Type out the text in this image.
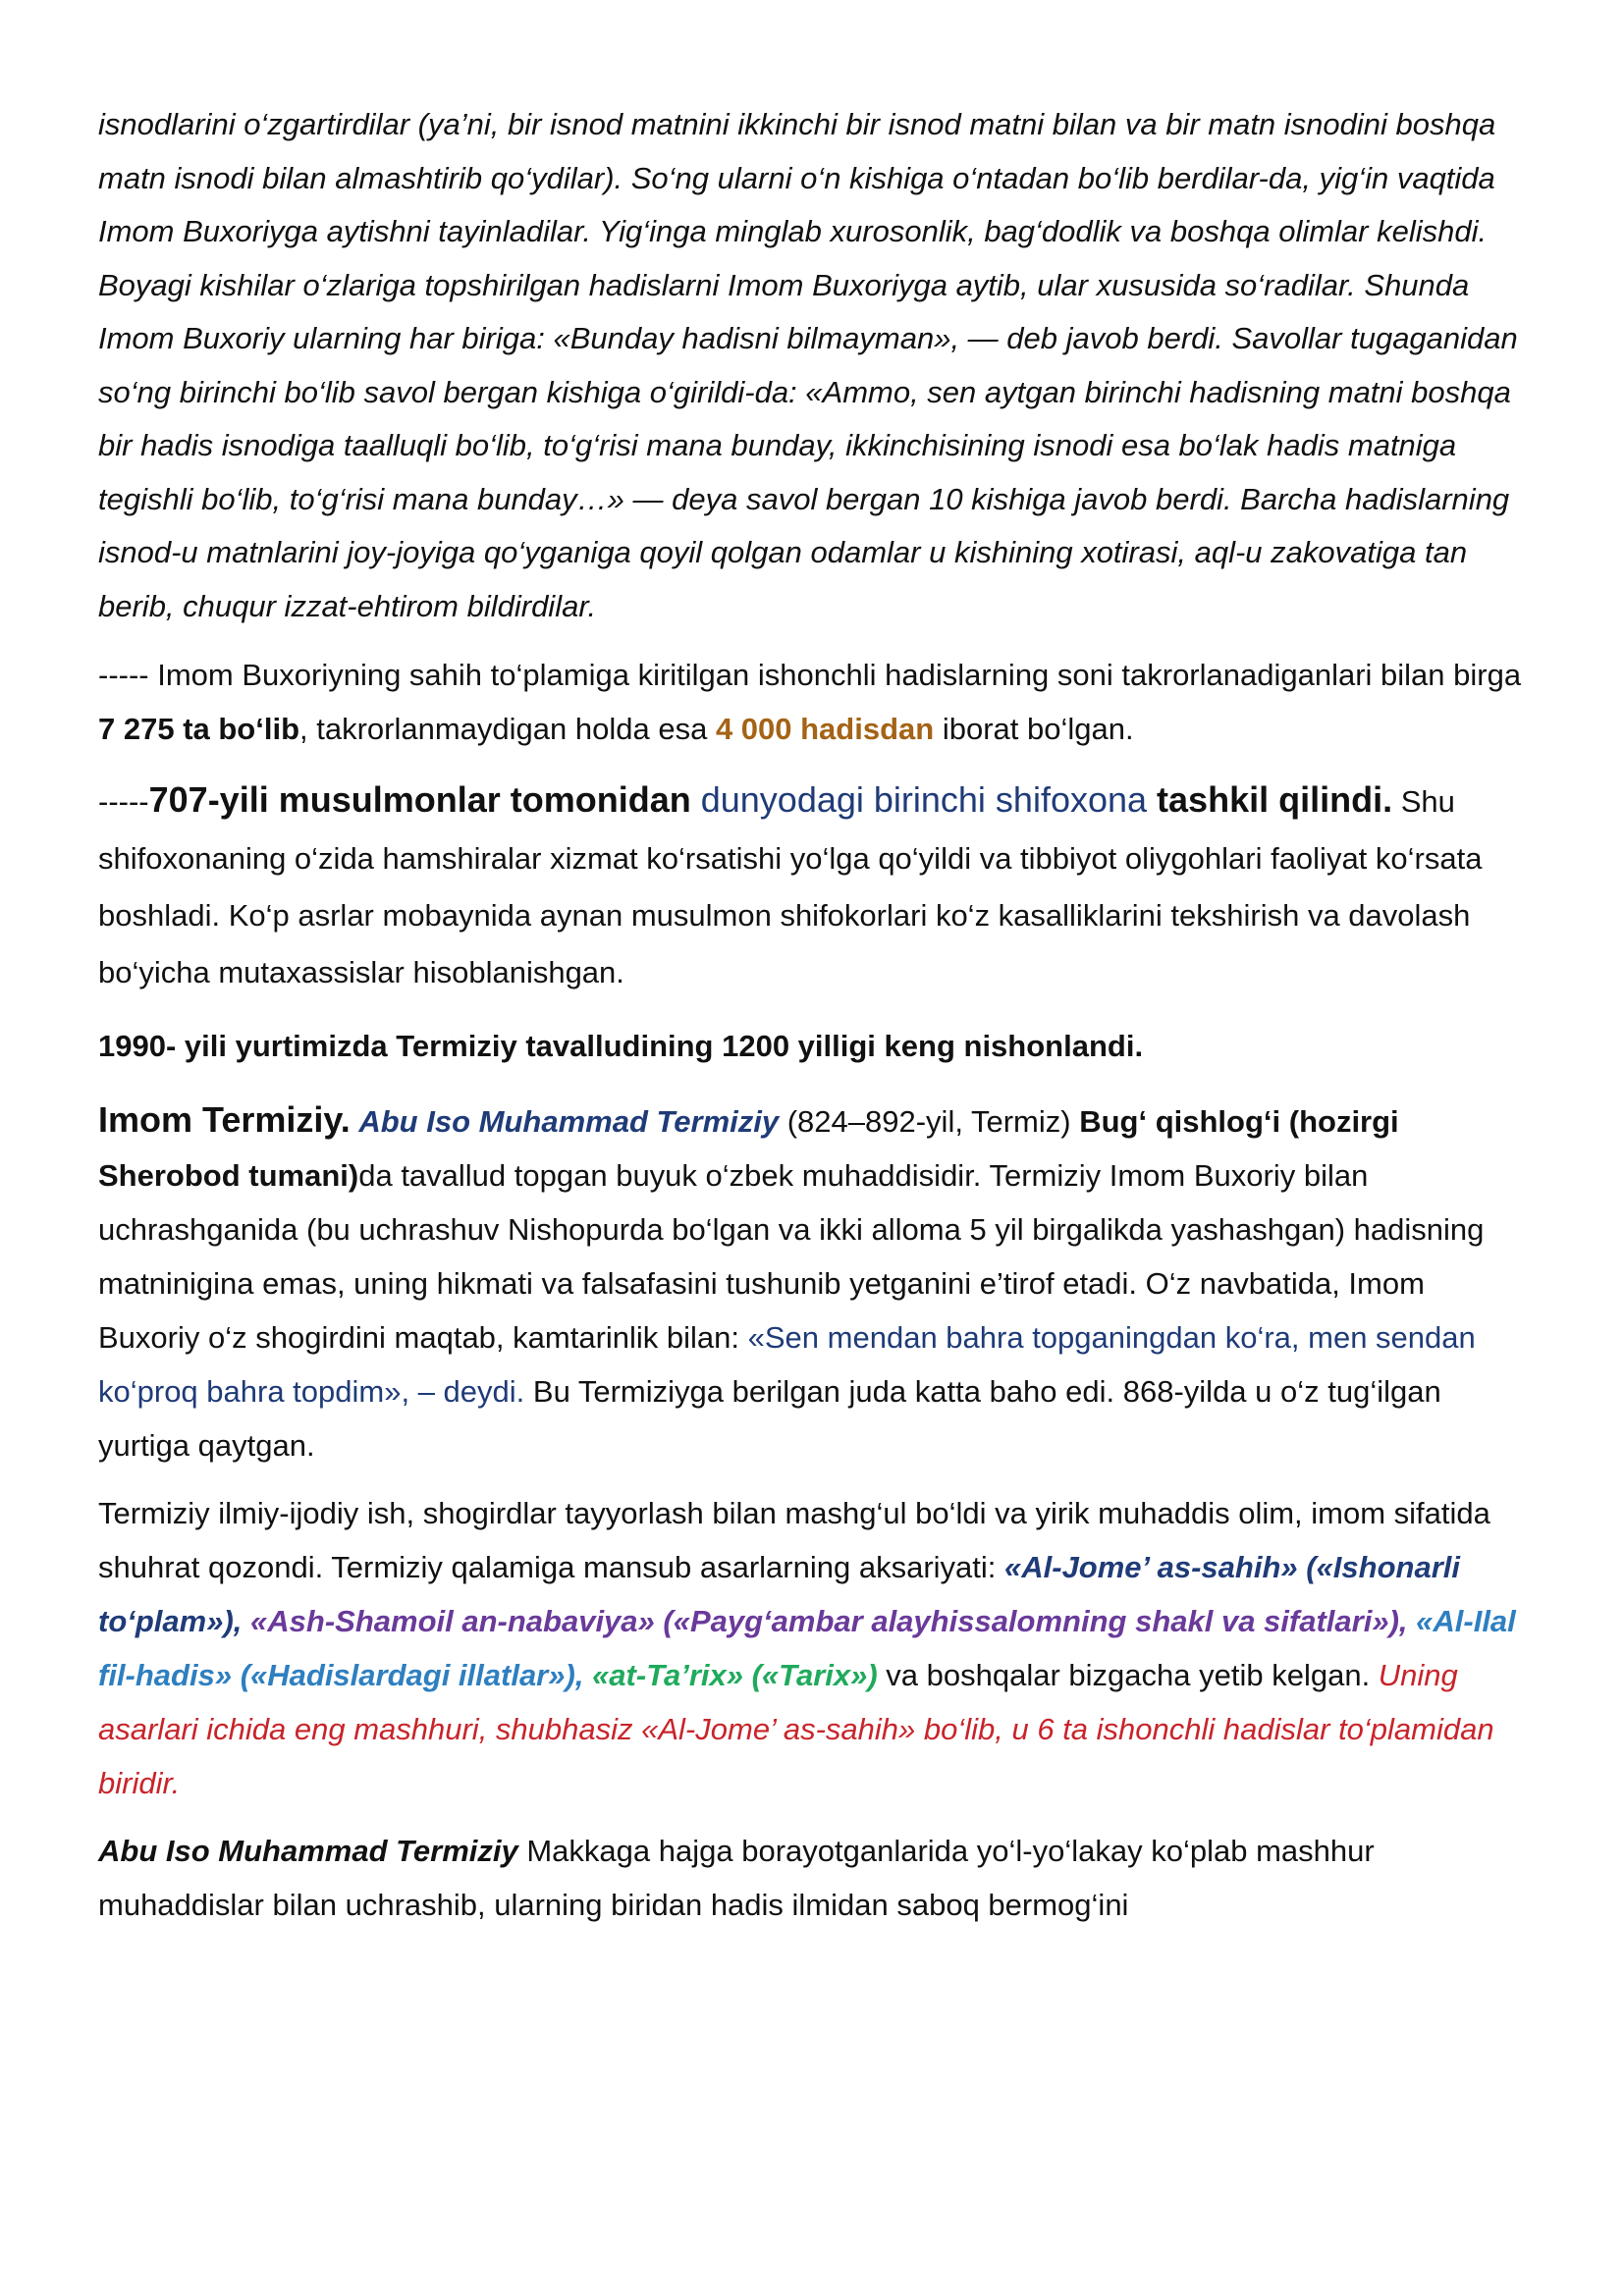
isnodlarini o‘zgartirdilar (ya’ni, bir isnod matnini ikkinchi bir isnod matni bilan va bir matn isnodini boshqa matn isnodi bilan almashtirib qo‘ydilar). So‘ng ularni o‘n kishiga o‘ntadan bo‘lib berdilar-da, yig‘in vaqtida Imom Buxoriyga aytishni tayinladilar. Yig‘inga minglab xurosonlik, bag‘dodlik va boshqa olimlar kelishdi. Boyagi kishilar o‘zlariga topshirilgan hadislarni Imom Buxoriyga aytib, ular xususida so‘radilar. Shunda Imom Buxoriy ularning har biriga: «Bunday hadisni bilmayman», — deb javob berdi. Savollar tugaganidan so‘ng birinchi bo‘lib savol bergan kishiga o‘girildi-da: «Ammo, sen aytgan birinchi hadisning matni boshqa bir hadis isnodiga taalluqli bo‘lib, to‘g‘risi mana bunday, ikkinchisining isnodi esa bo‘lak hadis matniga tegishli bo‘lib, to‘g‘risi mana bunday…» — deya savol bergan 10 kishiga javob berdi. Barcha hadislarning isnod-u matnlarini joy-joyiga qo‘yganiga qoyil qolgan odamlar u kishining xotirasi, aql-u zakovatiga tan berib, chuqur izzat-ehtirom bildirdilar.

----- Imom Buxoriyning sahih to‘plamiga kiritilgan ishonchli hadislarning soni takrorlanadiganlari bilan birga 7 275 ta bo‘lib, takrorlanmaydigan holda esa 4 000 hadisdan iborat bo‘lgan.

-----707-yili musulmonlar tomonidan dunyodagi birinchi shifoxona tashkil qilindi. Shu shifoxonaning o‘zida hamshiralar xizmat ko‘rsatishi yo‘lga qo‘yildi va tibbiyot oliygohlari faoliyat ko‘rsata boshladi. Ko‘p asrlar mobaynida aynan musulmon shifokorlari ko‘z kasalliklarini tekshirish va davolash bo‘yicha mutaxassislar hisoblanishgan.

1990- yili yurtimizda Termiziy tavalludining 1200 yilligi keng nishonlandi.

Imom Termiziy. Abu Iso Muhammad Termiziy (824–892-yil, Termiz) Bug‘ qishlog‘i (hozirgi Sherobod tumani)da tavallud topgan buyuk o‘zbek muhaddisidir. Termiziy Imom Buxoriy bilan uchrashganida (bu uchrashuv Nishopurda bo‘lgan va ikki alloma 5 yil birgalikda yashashgan) hadisning matninigina emas, uning hikmati va falsafasini tushunib yetganini e’tirof etadi. O‘z navbatida, Imom Buxoriy o‘z shogirdini maqtab, kamtarinlik bilan: «Sen mendan bahra topganingdan ko‘ra, men sendan ko‘proq bahra topdim», – deydi. Bu Termiziyga berilgan juda katta baho edi. 868-yilda u o‘z tug‘ilgan yurtiga qaytgan.

Termiziy ilmiy-ijodiy ish, shogirdlar tayyorlash bilan mashg‘ul bo‘ldi va yirik muhaddis olim, imom sifatida shuhrat qozondi. Termiziy qalamiga mansub asarlarning aksariyati: «Al-Jome’ as-sahih» («Ishonarli to‘plam»), «Ash-Shamoil an-nabaviya» («Payg‘ambar alayhissalomning shakl va sifatlari»), «Al-Ilal fil-hadis» («Hadislardagi illatlar»), «at-Ta’rix» («Tarix») va boshqalar bizgacha yetib kelgan. Uning asarlari ichida eng mashhuri, shubhasiz «Al-Jome’ as-sahih» bo‘lib, u 6 ta ishonchli hadislar to‘plamidan biridir.

Abu Iso Muhammad Termiziy Makkaga hajga borayotganlarida yo‘l-yo‘lakay ko‘plab mashhur muhaddislar bilan uchrashib, ularning biridan hadis ilmidan saboq bermog‘ini
